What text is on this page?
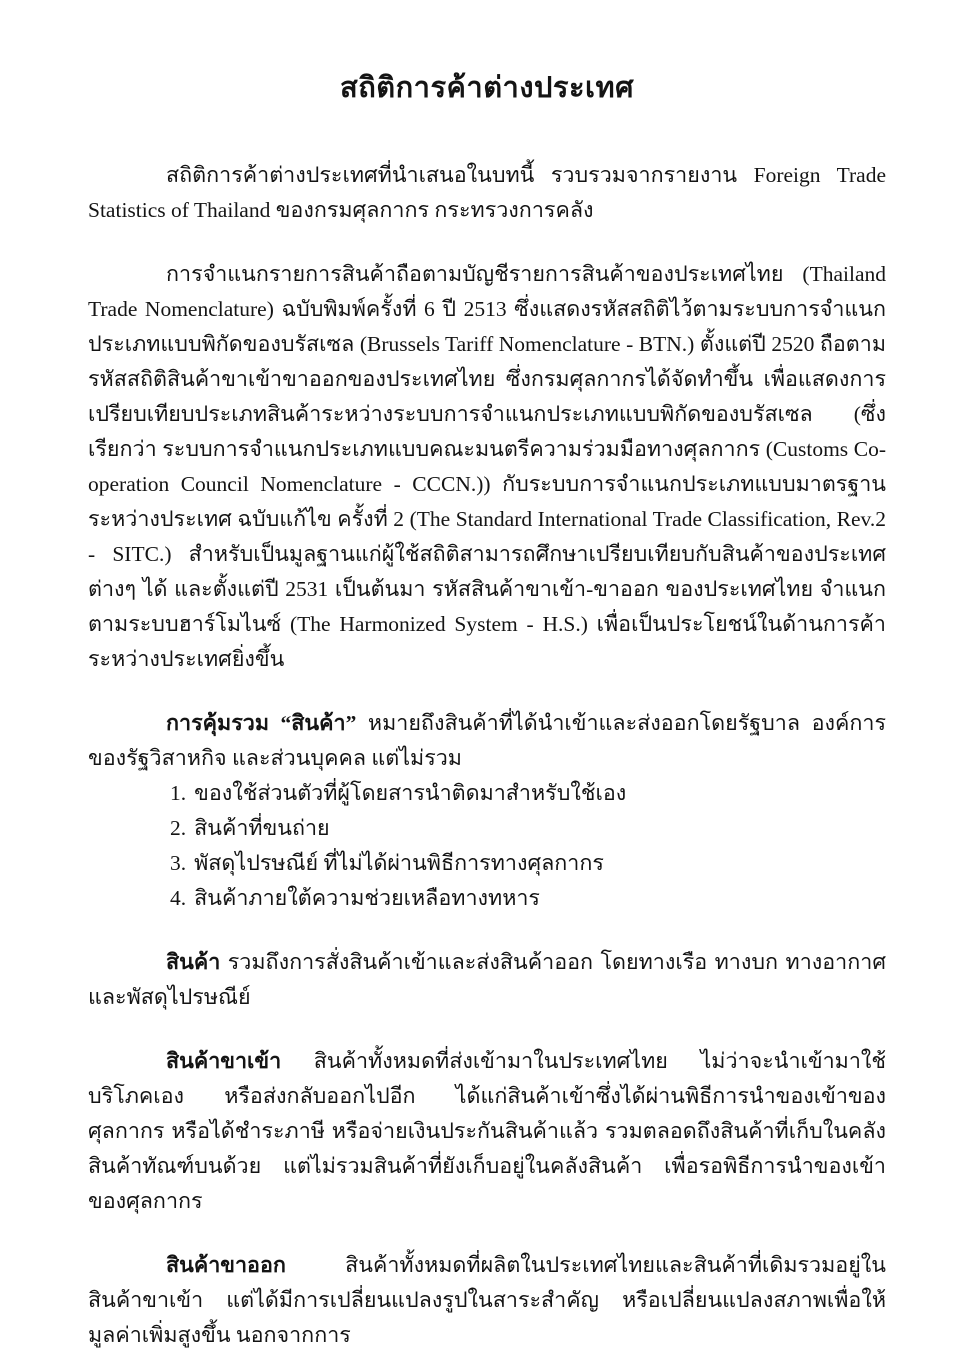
สถิติการค้าต่างประเทศ

สถิติการค้าต่างประเทศที่นำเสนอในบทนี้ รวบรวมจากรายงาน Foreign Trade Statistics of Thailand ของกรมศุลกากร กระทรวงการคลัง

การจำแนกรายการสินค้าถือตามบัญชีรายการสินค้าของประเทศไทย (Thailand Trade Nomenclature) ฉบับพิมพ์ครั้งที่ 6 ปี 2513 ซึ่งแสดงรหัสสถิติไว้ตามระบบการจำแนกประเภทแบบพิกัดของบรัสเซล (Brussels Tariff Nomenclature - BTN.) ตั้งแต่ปี 2520 ถือตามรหัสสถิติสินค้าขาเข้าขาออกของประเทศไทย ซึ่งกรมศุลกากรได้จัดทำขึ้น เพื่อแสดงการเปรียบเทียบประเภทสินค้าระหว่างระบบการจำแนกประเภทแบบพิกัดของบรัสเซล (ซึ่งเรียกว่า ระบบการจำแนกประเภทแบบคณะมนตรีความร่วมมือทางศุลกากร (Customs Co-operation Council Nomenclature - CCCN.)) กับระบบการจำแนกประเภทแบบมาตรฐานระหว่างประเทศ ฉบับแก้ไข ครั้งที่ 2 (The Standard International Trade Classification, Rev.2 - SITC.) สำหรับเป็นมูลฐานแก่ผู้ใช้สถิติสามารถศึกษาเปรียบเทียบกับสินค้าของประเทศต่างๆ ได้ และตั้งแต่ปี 2531 เป็นต้นมา รหัสสินค้าขาเข้า-ขาออก ของประเทศไทย จำแนกตามระบบฮาร์โมไนซ์ (The Harmonized System - H.S.) เพื่อเป็นประโยชน์ในด้านการค้าระหว่างประเทศยิ่งขึ้น

การคุ้มรวม “สินค้า” หมายถึงสินค้าที่ได้นำเข้าและส่งออกโดยรัฐบาล องค์การของรัฐวิสาหกิจ และส่วนบุคคล แต่ไม่รวม

1. ของใช้ส่วนตัวที่ผู้โดยสารนำติดมาสำหรับใช้เอง
2. สินค้าที่ขนถ่าย
3. พัสดุไปรษณีย์ ที่ไม่ได้ผ่านพิธีการทางศุลกากร
4. สินค้าภายใต้ความช่วยเหลือทางทหาร

สินค้า รวมถึงการสั่งสินค้าเข้าและส่งสินค้าออก โดยทางเรือ ทางบก ทางอากาศ และพัสดุไปรษณีย์

สินค้าขาเข้า สินค้าทั้งหมดที่ส่งเข้ามาในประเทศไทย ไม่ว่าจะนำเข้ามาใช้บริโภคเอง หรือส่งกลับออกไปอีก ได้แก่สินค้าเข้าซึ่งได้ผ่านพิธีการนำของเข้าของศุลกากร หรือได้ชำระภาษี หรือจ่ายเงินประกันสินค้าแล้ว รวมตลอดถึงสินค้าที่เก็บในคลังสินค้าทัณฑ์บนด้วย แต่ไม่รวมสินค้าที่ยังเก็บอยู่ในคลังสินค้า เพื่อรอพิธีการนำของเข้าของศุลกากร

สินค้าขาออก สินค้าทั้งหมดที่ผลิตในประเทศไทยและสินค้าที่เดิมรวมอยู่ในสินค้าขาเข้า แต่ได้มีการเปลี่ยนแปลงรูปในสาระสำคัญ หรือเปลี่ยนแปลงสภาพเพื่อให้มูลค่าเพิ่มสูงขึ้น นอกจากการ
